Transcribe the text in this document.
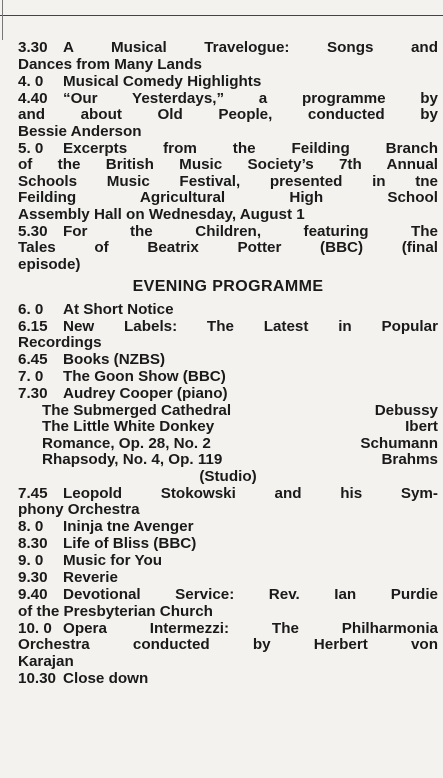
3.30	A Musical Travelogue: Songs and
Dances from Many Lands
4. 0	Musical Comedy Highlights
4.40	“Our Yesterdays,” a programme by
and about Old People, conducted by
Bessie Anderson
5. 0	Excerpts from the Feilding Branch
of the British Music Society’s 7th Annual
Schools Music Festival, presented in tne
Feilding Agricultural High School
Assembly Hall on Wednesday, August 1
5.30	For the Children, featuring The
Tales of Beatrix Potter (BBC) (final
episode)
EVENING PROGRAMME
6. 0	At Short Notice
6.15	New Labels: The Latest in Popular
Recordings
6.45	Books (NZBS)
7. 0	The Goon Show (BBC)
7.30	Audrey Cooper (piano)
The Submerged Cathedral	Debussy
The Little White Donkey	Ibert
Romance, Op. 28, No. 2	Schumann
Rhapsody, No. 4, Op. 119	Brahms
(Studio)
7.45	Leopold Stokowski and his Sym-
phony Orchestra
8. 0	Ininja tne Avenger
8.30	Life of Bliss (BBC)
9. 0	Music for You
9.30	Reverie
9.40	Devotional Service: Rev. Ian Purdie
of the Presbyterian Church
10. 0 Opera Intermezzi: The Philharmonia
Orchestra conducted by Herbert von
Karajan
10.30 Close down
